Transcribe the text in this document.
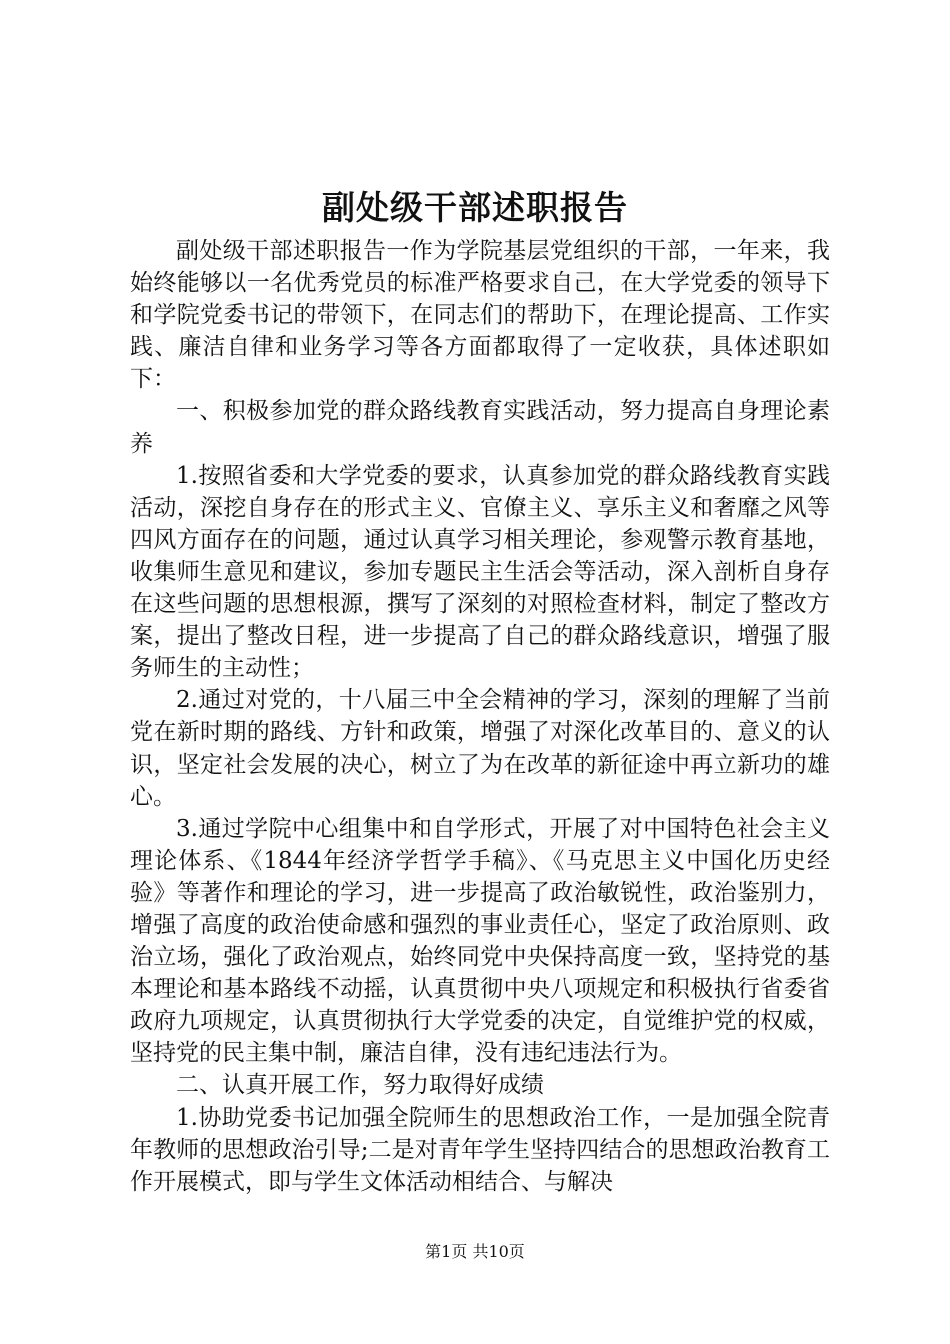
副处级干部述职报告

副处级干部述职报告一作为学院基层党组织的干部，一年来，我始终能够以一名优秀党员的标准严格要求自己，在大学党委的领导下和学院党委书记的带领下，在同志们的帮助下，在理论提高、工作实践、廉洁自律和业务学习等各方面都取得了一定收获，具体述职如下：

一、积极参加党的群众路线教育实践活动，努力提高自身理论素养

1.按照省委和大学党委的要求，认真参加党的群众路线教育实践活动，深挖自身存在的形式主义、官僚主义、享乐主义和奢靡之风等四风方面存在的问题，通过认真学习相关理论，参观警示教育基地，收集师生意见和建议，参加专题民主生活会等活动，深入剖析自身存在这些问题的思想根源，撰写了深刻的对照检查材料，制定了整改方案，提出了整改日程，进一步提高了自己的群众路线意识，增强了服务师生的主动性；

2.通过对党的，十八届三中全会精神的学习，深刻的理解了当前党在新时期的路线、方针和政策，增强了对深化改革目的、意义的认识，坚定社会发展的决心，树立了为在改革的新征途中再立新功的雄心。

3.通过学院中心组集中和自学形式，开展了对中国特色社会主义理论体系、《1844年经济学哲学手稿》、《马克思主义中国化历史经验》等著作和理论的学习，进一步提高了政治敏锐性，政治鉴别力，增强了高度的政治使命感和强烈的事业责任心，坚定了政治原则、政治立场，强化了政治观点，始终同党中央保持高度一致，坚持党的基本理论和基本路线不动摇，认真贯彻中央八项规定和积极执行省委省政府九项规定，认真贯彻执行大学党委的决定，自觉维护党的权威，坚持党的民主集中制，廉洁自律，没有违纪违法行为。

二、认真开展工作，努力取得好成绩

1.协助党委书记加强全院师生的思想政治工作，一是加强全院青年教师的思想政治引导;二是对青年学生坚持四结合的思想政治教育工作开展模式，即与学生文体活动相结合、与解决

第1页 共10页
